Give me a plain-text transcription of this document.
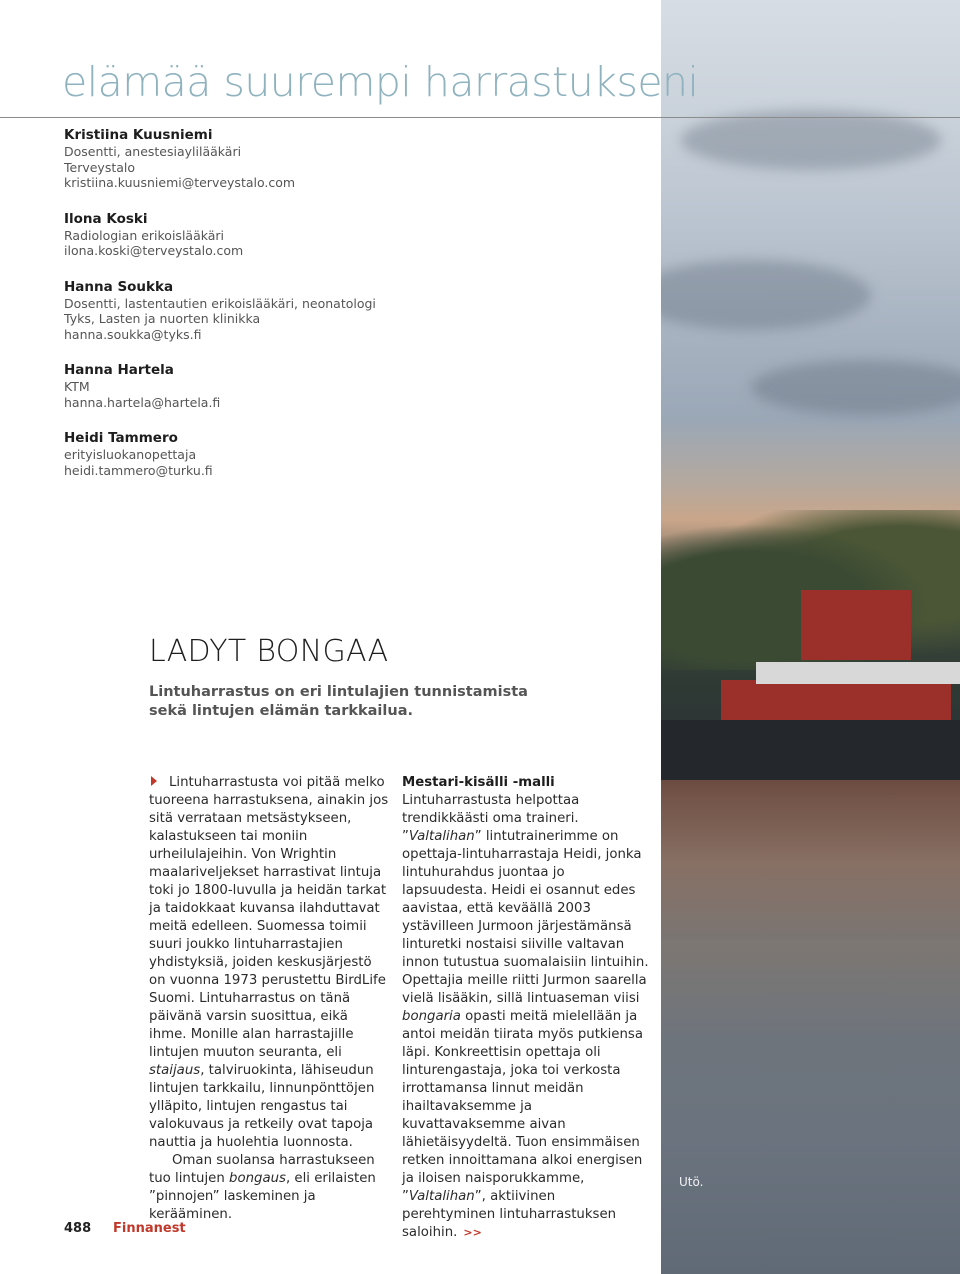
elämää suurempi harrastukseni
Kristiina Kuusniemi
Dosentti, anestesiaylilääkäri
Terveystalo
kristiina.kuusniemi@terveystalo.com
Ilona Koski
Radiologian erikoislääkäri
ilona.koski@terveystalo.com
Hanna Soukka
Dosentti, lastentautien erikoislääkäri, neonatologi
Tyks, Lasten ja nuorten klinikka
hanna.soukka@tyks.fi
Hanna Hartela
KTM
hanna.hartela@hartela.fi
Heidi Tammero
erityisluokanopettaja
heidi.tammero@turku.fi
LADYT BONGAA
Lintuharrastus on eri lintulajien tunnistamista sekä lintujen elämän tarkkailua.

Lintuharrastusta voi pitää melko tuoreena harrastuksena, ainakin jos sitä verrataan metsästykseen, kalastukseen tai moniin urheilulajeihin. Von Wrightin maalariveljekset harrastivat lintuja toki jo 1800-luvulla ja heidän tarkat ja taidokkaat kuvansa ilahduttavat meitä edelleen. Suomessa toimii suuri joukko lintuharrastajien yhdistyksiä, joiden keskusjärjestö on vuonna 1973 perustettu BirdLife Suomi. Lintuharrastus on tänä päivänä varsin suosittua, eikä ihme. Monille alan harrastajille lintujen muuton seuranta, eli staijaus, talviruokinta, lähiseudun lintujen tarkkailu, linnunpönttöjen ylläpito, lintujen rengastus tai valokuvaus ja retkeily ovat tapoja nauttia ja huolehtia luonnosta.

Oman suolansa harrastukseen tuo lintujen bongaus, eli erilaisten ”pinnojen” laskeminen ja kerääminen.

Mestari-kisälli -malli

Lintuharrastusta helpottaa trendikkäästi oma traineri. ”Valtalihan” lintutrainerimme on opettaja-lintuharrastaja Heidi, jonka lintuhurahdus juontaa jo lapsuudesta. Heidi ei osannut edes aavistaa, että keväällä 2003 ystävilleen Jurmoon järjestämänsä linturetki nostaisi siiville valtavan innon tutustua suomalaisiin lintuihin. Opettajia meille riitti Jurmon saarella vielä lisääkin, sillä lintuaseman viisi bongaria opasti meitä mielellään ja antoi meidän tiirata myös putkiensa läpi. Konkreettisin opettaja oli linturengastaja, joka toi verkosta irrottamansa linnut meidän ihailtavaksemme ja kuvattavaksemme aivan lähietäisyydeltä. Tuon ensimmäisen retken innoittamana alkoi energisen ja iloisen naisporukkamme, ”Valtalihan”, aktiivinen perehtyminen lintuharrastuksen saloihin. >>

Utö.
488 Finnanest
